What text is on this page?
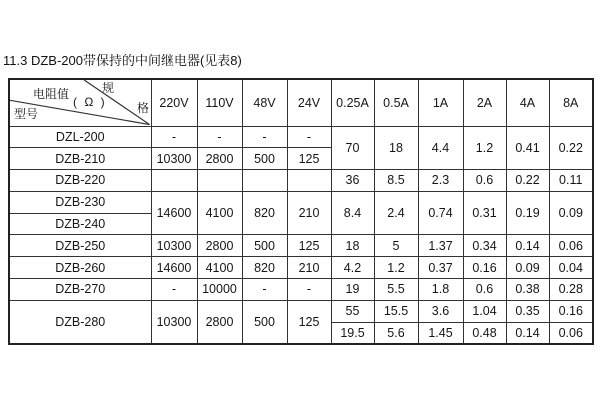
11.3 DZB-200带保持的中间继电器(见表8)
电阻值
( Ω )
规
格
型号	220V	110V	48V	24V	0.25A	0.5A	1A	2A	4A	8A
DZL-200	-	-	-	-	70	18	4.4	1.2	0.41	0.22
DZB-210	10300	2800	500	125						
DZB-220					36	8.5	2.3	0.6	0.22	0.11
DZB-230	14600	4100	820	210	8.4	2.4	0.74	0.31	0.19	0.09
DZB-240										
DZB-250	10300	2800	500	125	18	5	1.37	0.34	0.14	0.06
DZB-260	14600	4100	820	210	4.2	1.2	0.37	0.16	0.09	0.04
DZB-270	-	10000	-	-	19	5.5	1.8	0.6	0.38	0.28
DZB-280	10300	2800	500	125	55	15.5	3.6	1.04	0.35	0.16
					19.5	5.6	1.45	0.48	0.14	0.06
